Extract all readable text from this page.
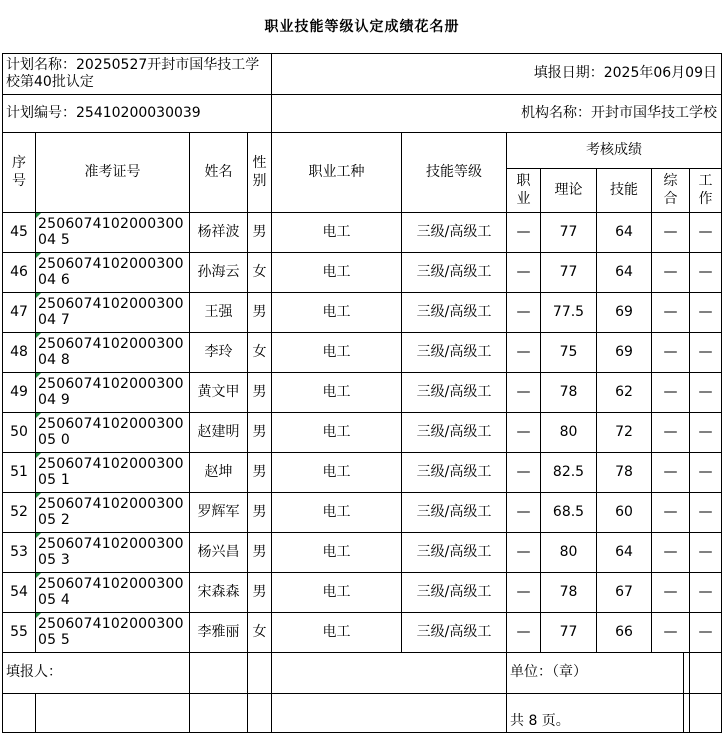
职业技能等级认定成绩花名册											
计划名称：20250527开封市国华技工学校第40批认定				填报日期：2025年06月09日							
计划编号：25410200030039				机构名称：开封市国华技工学校							

序号	准考证号	姓名	性别	职业工种	技能等级	考核成绩					

						职业	理论	技能	综合		工作

45	250607410200030004 5	杨祥波	男	电工	三级/高级工	—	77	64	—		—
46	250607410200030004 6	孙海云	女	电工	三级/高级工	—	77	64	—		—
47	250607410200030004 7	王强	男	电工	三级/高级工	—	77.5	69	—		—
48	250607410200030004 8	李玲	女	电工	三级/高级工	—	75	69	—		—
49	250607410200030004 9	黄文甲	男	电工	三级/高级工	—	78	62	—		—
50	250607410200030005 0	赵建明	男	电工	三级/高级工	—	80	72	—		—
51	250607410200030005 1	赵坤	男	电工	三级/高级工	—	82.5	78	—		—
52	250607410200030005 2	罗辉军	男	电工	三级/高级工	—	68.5	60	—		—
53	250607410200030005 3	杨兴昌	男	电工	三级/高级工	—	80	64	—		—
54	250607410200030005 4	宋森森	男	电工	三级/高级工	—	78	67	—		—
55	250607410200030005 5	李雅丽	女	电工	三级/高级工	—	77	66	—		—
填报人：						单位：（章）					
						共 8 页。					
